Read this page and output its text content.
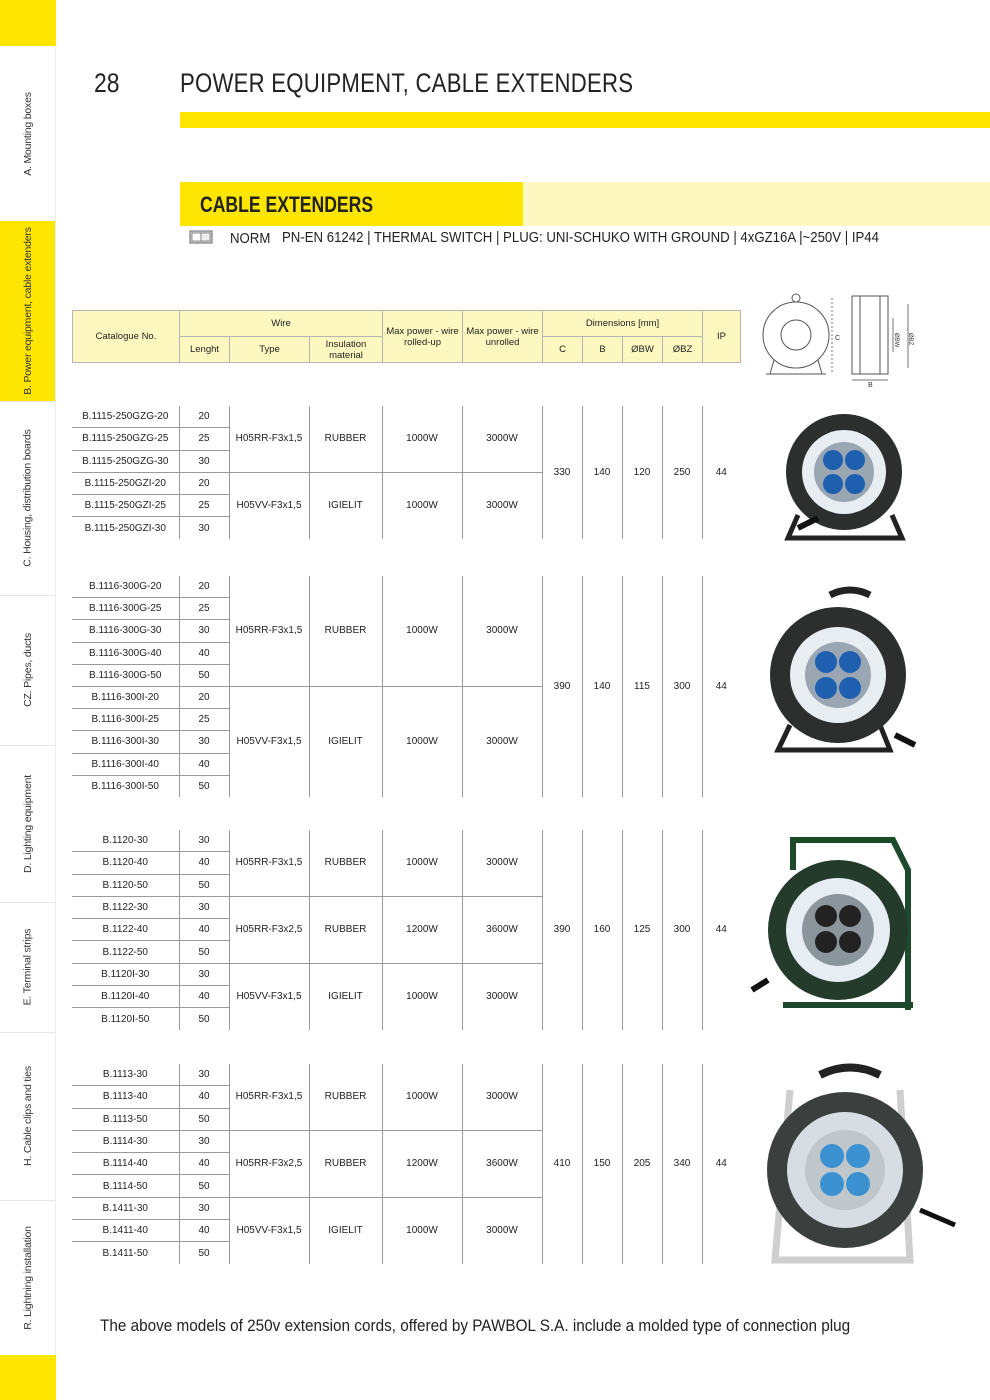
A. Mounting boxes
B. Power equipment, cable extenders
C. Housing, distribution boards
CZ. Pipes, ducts
D. Lighting equipment
E. Terminal strips
H. Cable clips and ties
R. Lightning installation
28 POWER EQUIPMENT, CABLE EXTENDERS
CABLE EXTENDERS
NORM PN-EN 61242 | THERMAL SWITCH | PLUG: UNI-SCHUKO WITH GROUND | 4xGZ16A |~250V | IP44
Catalogue No.	Wire			Max power - wire rolled-up	Max power - wire unrolled	Dimensions [mm]				IP
	Lenght	Type	Insulation material			C	B	ØBW	ØBZ	
C
B
ØBW ØBZ
B.1115-250GZG-20	20	H05RR-F3x1,5	RUBBER	1000W	3000W	330	140	120	250	44
B.1115-250GZG-25	25									
B.1115-250GZG-30	30									
B.1115-250GZI-20	20	H05VV-F3x1,5	IGIELIT	1000W	3000W					
B.1115-250GZI-25	25									
B.1115-250GZI-30	30									
B.1116-300G-20	20	H05RR-F3x1,5	RUBBER	1000W	3000W	390	140	115	300	44
B.1116-300G-25	25									
B.1116-300G-30	30									
B.1116-300G-40	40									
B.1116-300G-50	50									
B.1116-300I-20	20	H05VV-F3x1,5	IGIELIT	1000W	3000W					
B.1116-300I-25	25									
B.1116-300I-30	30									
B.1116-300I-40	40									
B.1116-300I-50	50									
B.1120-30	30	H05RR-F3x1,5	RUBBER	1000W	3000W	390	160	125	300	44
B.1120-40	40									
B.1120-50	50									
B.1122-30	30	H05RR-F3x2,5	RUBBER	1200W	3600W					
B.1122-40	40									
B.1122-50	50									
B.1120I-30	30	H05VV-F3x1,5	IGIELIT	1000W	3000W					
B.1120I-40	40									
B.1120I-50	50									
B.1113-30	30	H05RR-F3x1,5	RUBBER	1000W	3000W	410	150	205	340	44
B.1113-40	40									
B.1113-50	50									
B.1114-30	30	H05RR-F3x2,5	RUBBER	1200W	3600W					
B.1114-40	40									
B.1114-50	50									
B.1411-30	30	H05VV-F3x1,5	IGIELIT	1000W	3000W					
B.1411-40	40									
B.1411-50	50									
The above models of 250v extension cords, offered by PAWBOL S.A. include a molded type of connection plug
